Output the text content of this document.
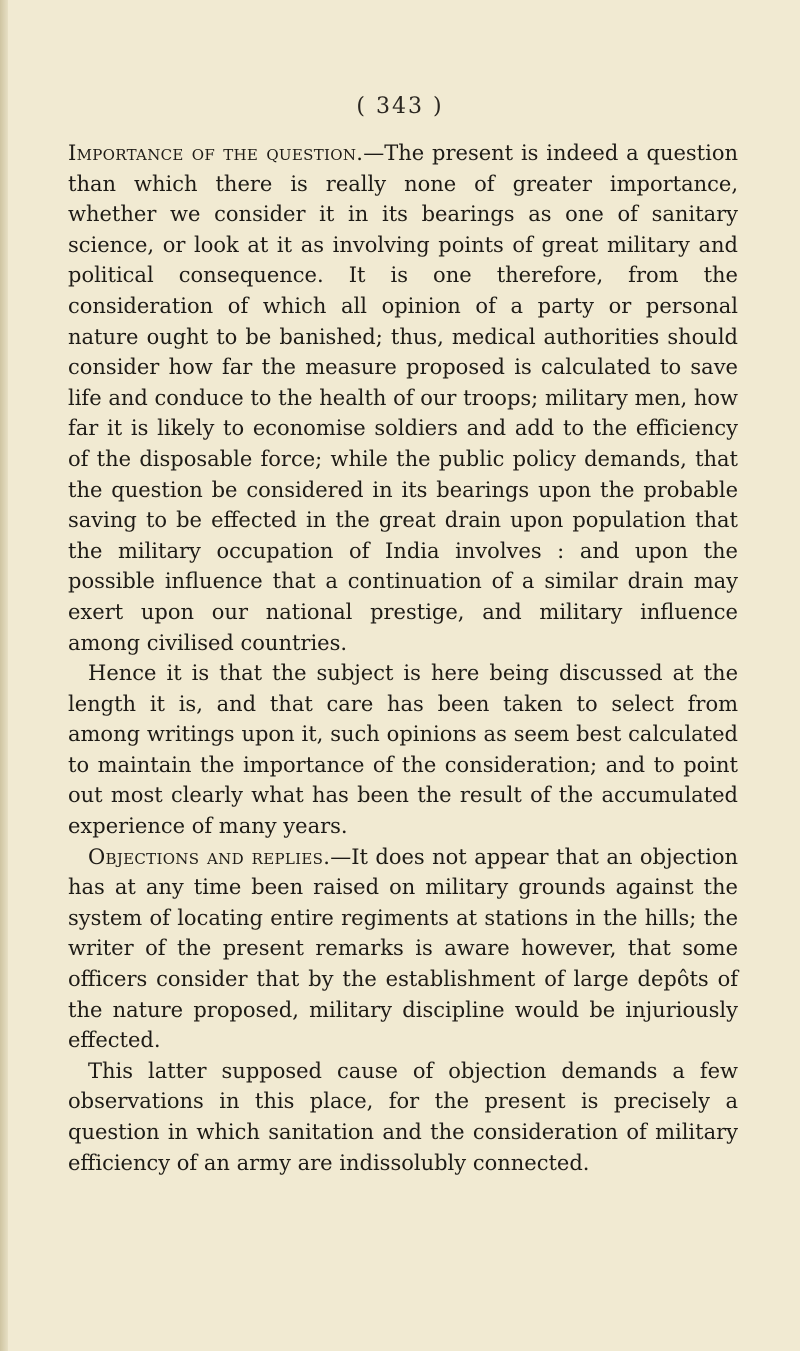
( 343 )

Importance of the question.—The present is indeed a question than which there is really none of greater importance, whether we consider it in its bearings as one of sanitary science, or look at it as involving points of great military and political consequence. It is one therefore, from the consideration of which all opinion of a party or personal nature ought to be banished; thus, medical authorities should consider how far the measure proposed is calculated to save life and conduce to the health of our troops; military men, how far it is likely to economise soldiers and add to the efficiency of the disposable force; while the public policy demands, that the question be considered in its bearings upon the probable saving to be effected in the great drain upon population that the military occupation of India involves : and upon the possible influence that a continuation of a similar drain may exert upon our national prestige, and military influence among civilised countries.

Hence it is that the subject is here being discussed at the length it is, and that care has been taken to select from among writings upon it, such opinions as seem best calculated to maintain the importance of the consideration; and to point out most clearly what has been the result of the accumulated experience of many years.

Objections and replies.—It does not appear that an objection has at any time been raised on military grounds against the system of locating entire regiments at stations in the hills; the writer of the present remarks is aware however, that some officers consider that by the establishment of large depôts of the nature proposed, military discipline would be injuriously effected.

This latter supposed cause of objection demands a few observations in this place, for the present is precisely a question in which sanitation and the consideration of military efficiency of an army are indissolubly connected.
